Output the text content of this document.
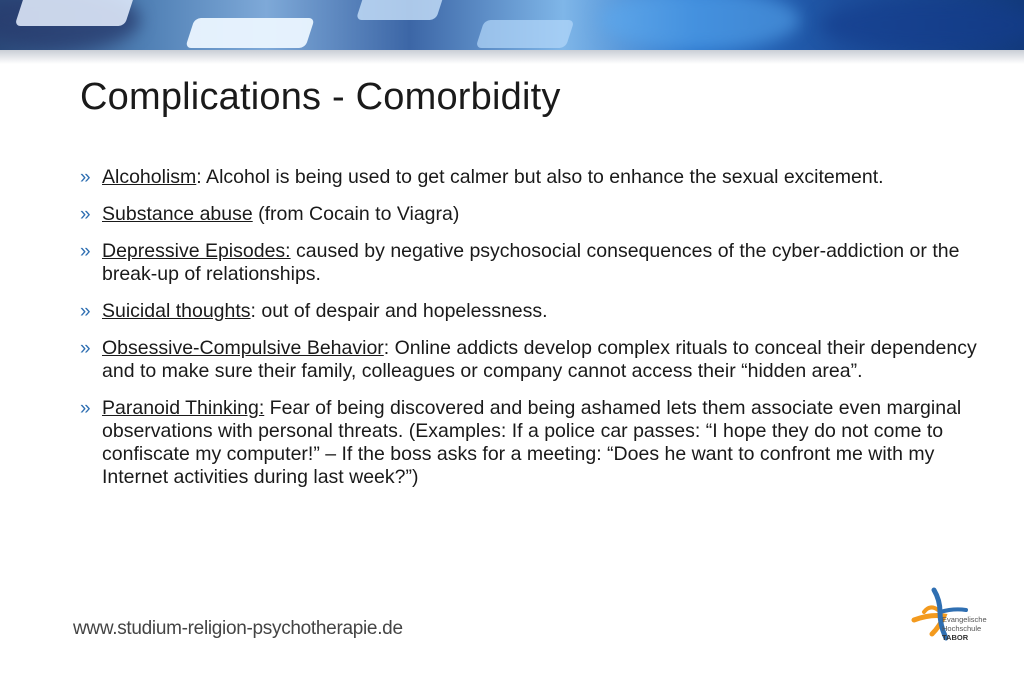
Complications - Comorbidity
» Alcoholism: Alcohol is being used to get calmer but also to enhance the sexual excitement.
» Substance abuse (from Cocain to Viagra)
» Depressive Episodes: caused by negative psychosocial consequences of the cyber-addiction or the break-up of relationships.
» Suicidal thoughts: out of despair and hopelessness.
» Obsessive-Compulsive Behavior: Online addicts develop complex rituals to conceal their dependency and to make sure their family, colleagues or company cannot access their “hidden area”.
» Paranoid Thinking: Fear of being discovered and being ashamed lets them associate even marginal observations with personal threats. (Examples: If a police car passes: “I hope they do not come to confiscate my computer!” – If the boss asks for a meeting: “Does he want to confront me with my Internet activities during last week?”)
www.studium-religion-psychotherapie.de	Evangelische
Hochschule
TABOR
